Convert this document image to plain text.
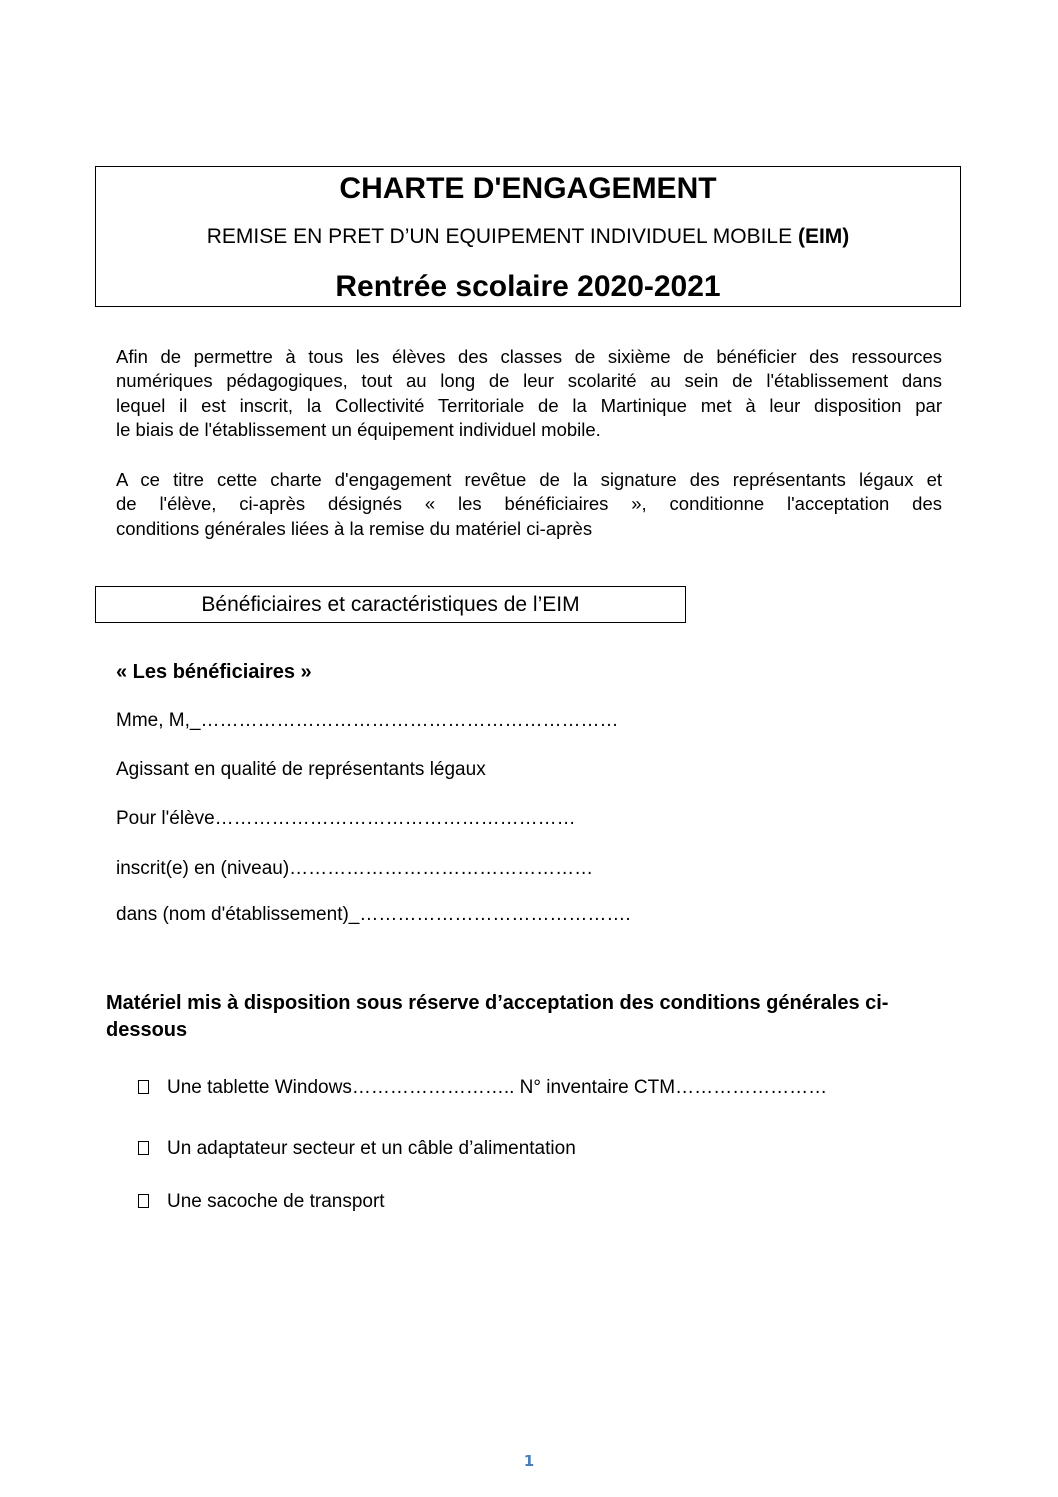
CHARTE D'ENGAGEMENT
REMISE EN PRET D’UN EQUIPEMENT INDIVIDUEL MOBILE (EIM)
Rentrée scolaire 2020-2021
Afin de permettre à tous les élèves des classes de sixième de bénéficier des ressources
numériques pédagogiques, tout au long de leur scolarité au sein de l'établissement dans
lequel il est inscrit, la Collectivité Territoriale de la Martinique met à leur disposition par
le biais de l'établissement un équipement individuel mobile.
A ce titre cette charte d'engagement revêtue de la signature des représentants légaux et
de l'élève, ci-après désignés « les bénéficiaires », conditionne l'acceptation des
conditions générales liées à la remise du matériel ci-après
Bénéficiaires et caractéristiques de l’EIM
« Les bénéficiaires »
Mme, M,_…………………………………………………………
Agissant en qualité de représentants légaux
Pour l'élève…………………………………………………
inscrit(e) en (niveau)…………………………………………
dans (nom d'établissement)_…………………………………….
Matériel mis à disposition sous réserve d’acceptation des conditions générales ci-dessous
Une tablette Windows…………………….. N° inventaire CTM……………………
Un adaptateur secteur et un câble d’alimentation
Une sacoche de transport
1
